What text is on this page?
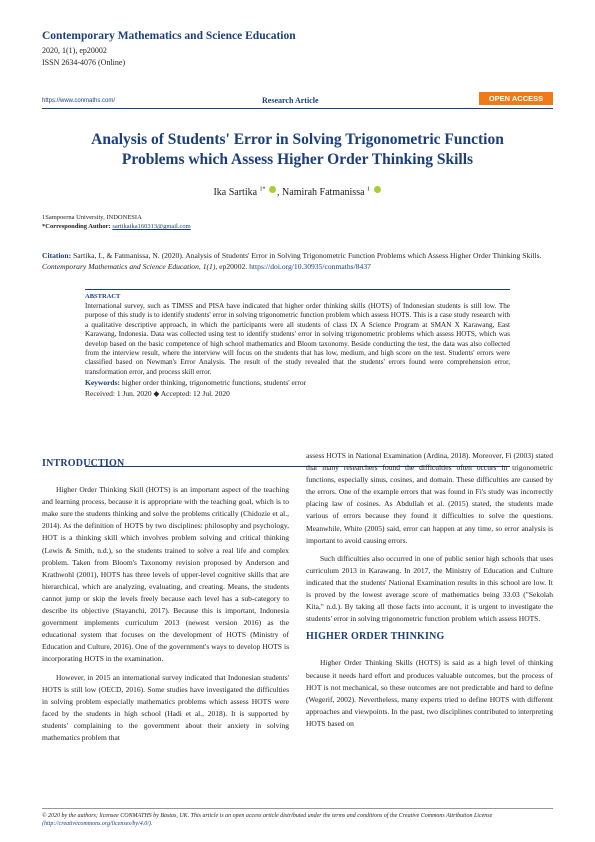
Contemporary Mathematics and Science Education
2020, 1(1), ep20002
ISSN 2634-4076 (Online)
https://www.conmaths.com/	Research Article	OPEN ACCESS
Analysis of Students' Error in Solving Trigonometric Function Problems which Assess Higher Order Thinking Skills
Ika Sartika $^{1*}$ , Namirah Fatmanissa $^1$
1Sampoerna University, INDONESIA
*Corresponding Author: sartikaika160313@gmail.com
Citation: Sartika, I., & Fatmanissa, N. (2020). Analysis of Students' Error in Solving Trigonometric Function Problems which Assess Higher Order Thinking Skills. Contemporary Mathematics and Science Education, 1(1), ep20002. https://doi.org/10.30935/conmaths/8437
ABSTRACT
International survey, such as TIMSS and PISA have indicated that higher order thinking skills (HOTS) of Indonesian students is still low. The purpose of this study is to identify students' error in solving trigonometric function problem which assess HOTS. This is a case study research with a qualitative descriptive approach, in which the participants were all students of class IX A Science Program at SMAN X Karawang, East Karawang, Indonesia. Data was collected using test to identify students' error in solving trigonometric problems which assess HOTS, which was develop based on the basic competence of high school mathematics and Bloom taxonomy. Beside conducting the test, the data was also collected from the interview result, where the interview will focus on the students that has low, medium, and high score on the test. Students' errors were classified based on Newman's Error Analysis. The result of the study revealed that the students' errors found were comprehension error, transformation error, and process skill error.
Keywords: higher order thinking, trigonometric functions, students' error
Received: 1 Jun. 2020 ◆ Accepted: 12 Jul. 2020
INTRODUCTION

Higher Order Thinking Skill (HOTS) is an important aspect of the teaching and learning process, because it is appropriate with the teaching goal, which is to make sure the students thinking and solve the problems critically (Chidozie et al., 2014). As the definition of HOTS by two disciplines: philosophy and psychology, HOT is a thinking skill which involves problem solving and critical thinking (Lewis & Smith, n.d.), so the students trained to solve a real life and complex problem. Taken from Bloom's Taxonomy revision proposed by Anderson and Krathwohl (2001), HOTS has three levels of upper-level cognitive skills that are hierarchical, which are analyzing, evaluating, and creating. Means, the students cannot jump or skip the levels freely because each level has a sub-category to describe its objective (Stayanchi, 2017). Because this is important, Indonesia government implements curriculum 2013 (newest version 2016) as the educational system that focuses on the development of HOTS (Ministry of Education and Culture, 2016). One of the government's ways to develop HOTS is incorporating HOTS in the examination.

However, in 2015 an international survey indicated that Indonesian students' HOTS is still low (OECD, 2016). Some studies have investigated the difficulties in solving problem especially mathematics problems which assess HOTS were faced by the students in high school (Hadi et al., 2018). It is supported by students' complaining to the government about their anxiety in solving mathematics problem that

assess HOTS in National Examination (Ardina, 2018). Moreover, Fi (2003) stated that many researchers found the difficulties often occurs in trigonometric functions, especially sinus, cosines, and domain. These difficulties are caused by the errors. One of the example errors that was found in Fi's study was incorrectly placing law of cosines. As Abdullah et al. (2015) stated, the students made various of errors because they found it difficulties to solve the questions. Meanwhile, White (2005) said, error can happen at any time, so error analysis is important to avoid causing errors.

Such difficulties also occurred in one of public senior high schools that uses curriculum 2013 in Karawang. In 2017, the Ministry of Education and Culture indicated that the students' National Examination results in this school are low. It is proved by the lowest average score of mathematics being 33.03 ("Sekolah Kita," n.d.). By taking all those facts into account, it is urgent to investigate the students' error in solving trigonometric function problem which assess HOTS.

HIGHER ORDER THINKING

Higher Order Thinking Skills (HOTS) is said as a high level of thinking because it needs hard effort and produces valuable outcomes, but the process of HOT is not mechanical, so these outcomes are not predictable and hard to define (Wegerif, 2002). Nevertheless, many experts tried to define HOTS with different approaches and viewpoints. In the past, two disciplines contributed to interpreting HOTS based on

© 2020 by the authors; licensee CONMATHS by Bastas, UK. This article is an open access article distributed under the terms and conditions of the Creative Commons Attribution License (http://creativecommons.org/licenses/by/4.0/).
